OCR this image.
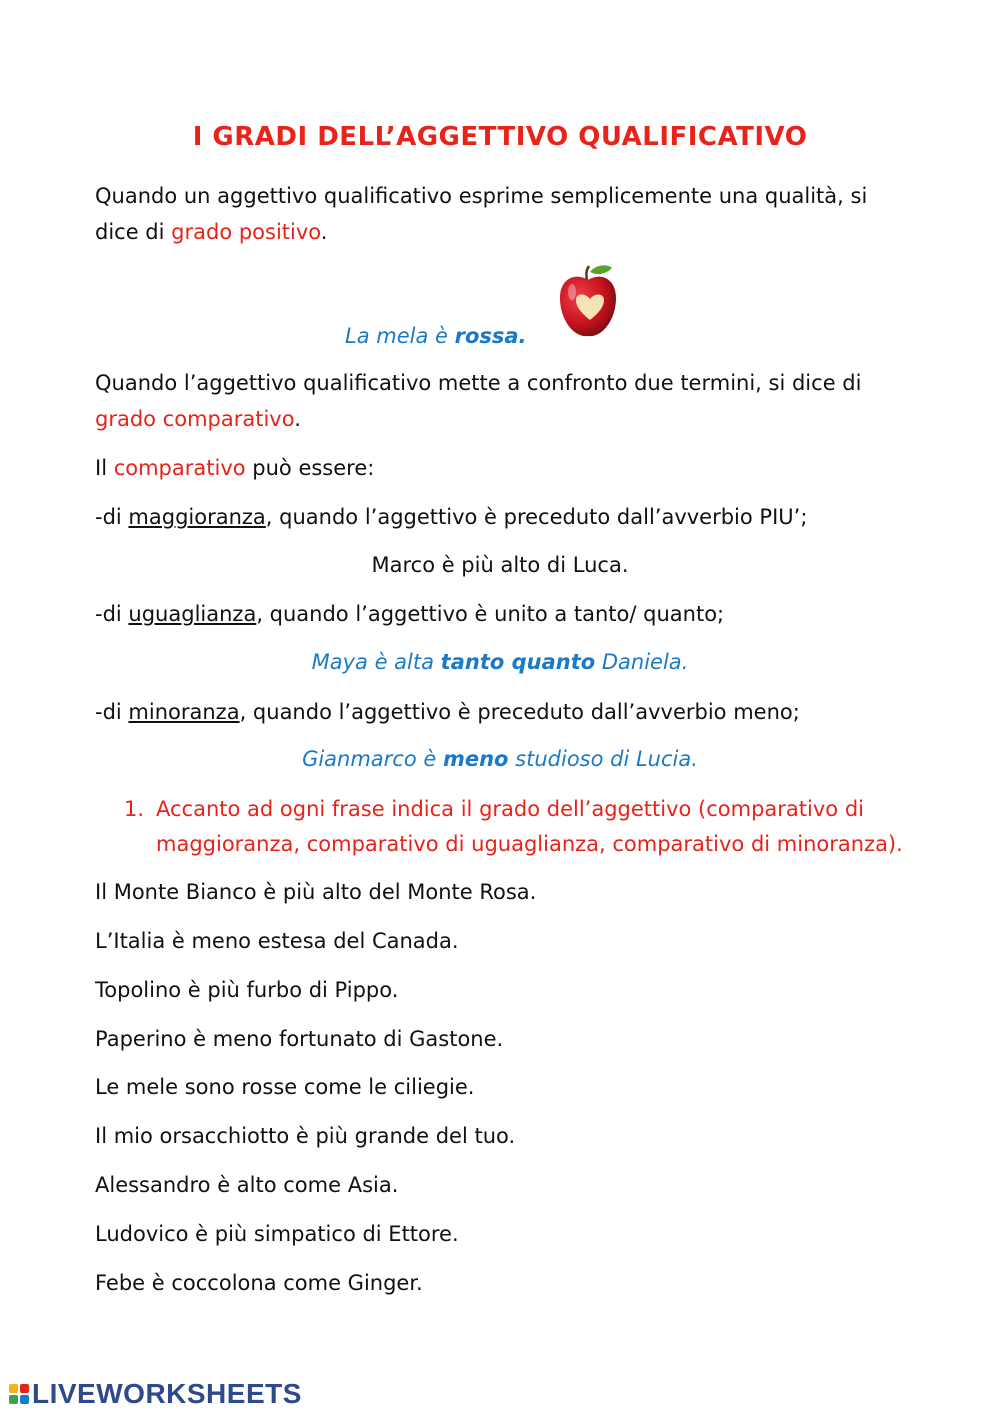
I GRADI DELL’AGGETTIVO QUALIFICATIVO
Quando un aggettivo qualificativo esprime semplicemente una qualità, si
dice di grado positivo.
La mela è rossa.
Quando l’aggettivo qualificativo mette a confronto due termini, si dice di
grado comparativo.
Il comparativo può essere:
-di maggioranza, quando l’aggettivo è preceduto dall’avverbio PIU’;
Marco è più alto di Luca.
-di uguaglianza, quando l’aggettivo è unito a tanto/ quanto;
Maya è alta tanto quanto Daniela.
-di minoranza, quando l’aggettivo è preceduto dall’avverbio meno;
Gianmarco è meno studioso di Lucia.
1. Accanto ad ogni frase indica il grado dell’aggettivo (comparativo di
maggioranza, comparativo di uguaglianza, comparativo di minoranza).
Il Monte Bianco è più alto del Monte Rosa.
L’Italia è meno estesa del Canada.
Topolino è più furbo di Pippo.
Paperino è meno fortunato di Gastone.
Le mele sono rosse come le ciliegie.
Il mio orsacchiotto è più grande del tuo.
Alessandro è alto come Asia.
Ludovico è più simpatico di Ettore.
Febe è coccolona come Ginger.
LIVEWORKSHEETS
